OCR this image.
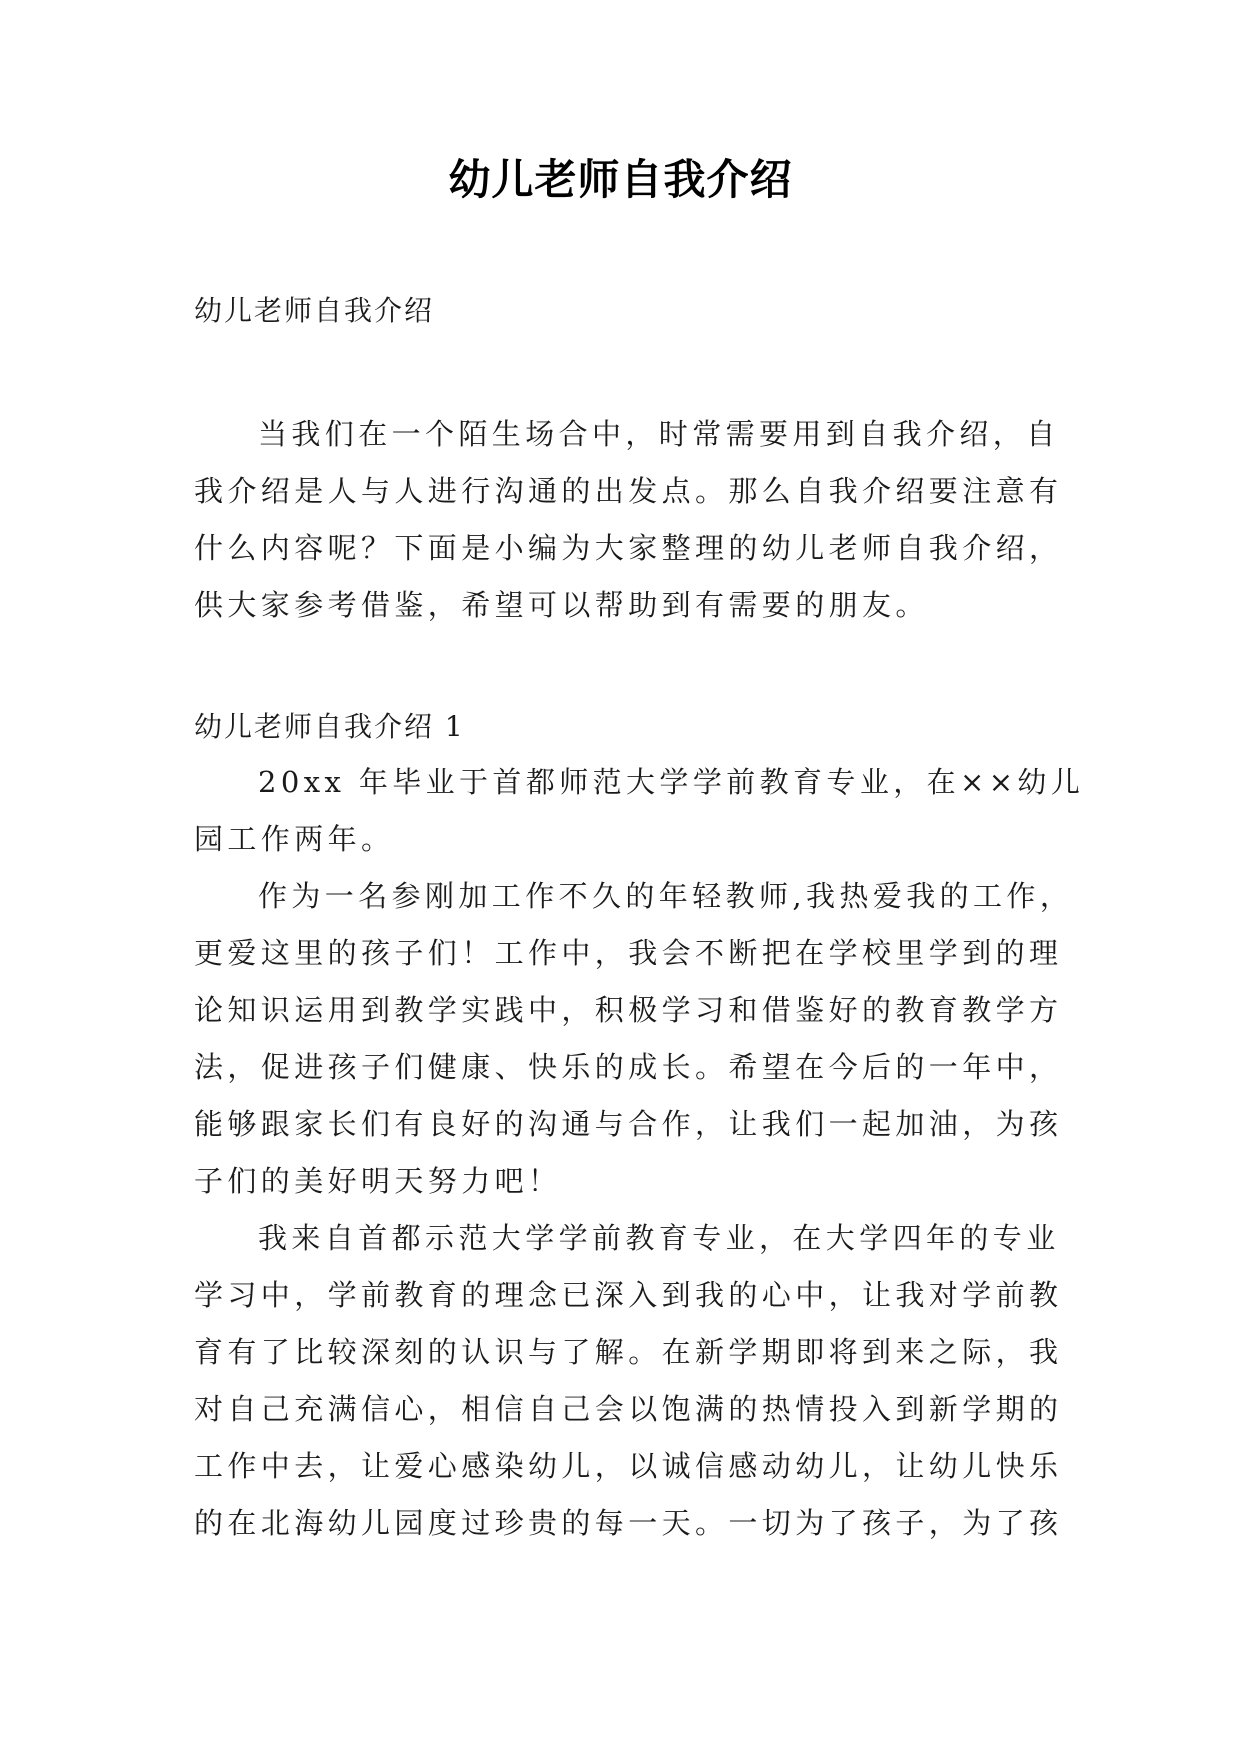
幼儿老师自我介绍
幼儿老师自我介绍
当我们在一个陌生场合中，时常需要用到自我介绍，自
我介绍是人与人进行沟通的出发点。那么自我介绍要注意有
什么内容呢？下面是小编为大家整理的幼儿老师自我介绍，
供大家参考借鉴，希望可以帮助到有需要的朋友。
幼儿老师自我介绍 1
20xx 年毕业于首都师范大学学前教育专业，在××幼儿
园工作两年。
作为一名参刚加工作不久的年轻教师,我热爱我的工作，
更爱这里的孩子们！工作中，我会不断把在学校里学到的理
论知识运用到教学实践中，积极学习和借鉴好的教育教学方
法，促进孩子们健康、快乐的成长。希望在今后的一年中，
能够跟家长们有良好的沟通与合作，让我们一起加油，为孩
子们的美好明天努力吧！
我来自首都示范大学学前教育专业，在大学四年的专业
学习中，学前教育的理念已深入到我的心中，让我对学前教
育有了比较深刻的认识与了解。在新学期即将到来之际，我
对自己充满信心，相信自己会以饱满的热情投入到新学期的
工作中去，让爱心感染幼儿，以诚信感动幼儿，让幼儿快乐
的在北海幼儿园度过珍贵的每一天。一切为了孩子，为了孩
